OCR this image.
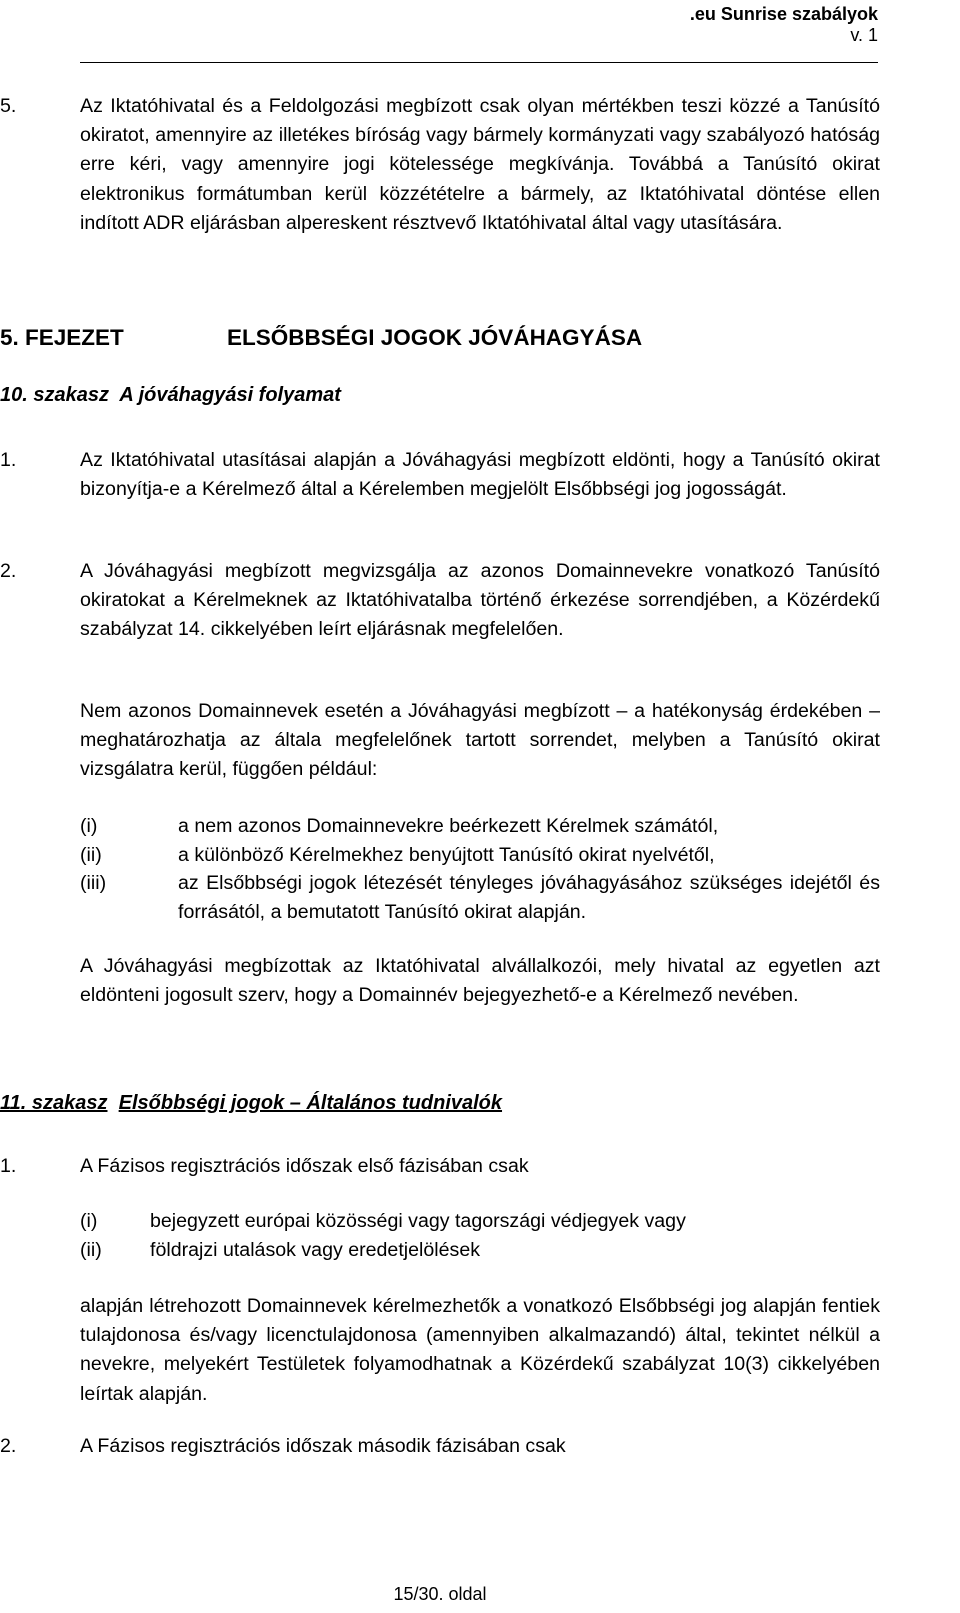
.eu Sunrise szabályok
v. 1
5.	Az Iktatóhivatal és a Feldolgozási megbízott csak olyan mértékben teszi közzé a Tanúsító okiratot, amennyire az illetékes bíróság vagy bármely kormányzati vagy szabályozó hatóság erre kéri, vagy amennyire jogi kötelessége megkívánja. Továbbá a Tanúsító okirat elektronikus formátumban kerül közzétételre a bármely, az Iktatóhivatal döntése ellen indított ADR eljárásban alpereskent résztvevő Iktatóhivatal által vagy utasítására.
5. FEJEZET	ELSŐBBSÉGI JOGOK JÓVÁHAGYÁSA
10. szakasz A jóváhagyási folyamat
1.	Az Iktatóhivatal utasításai alapján a Jóváhagyási megbízott eldönti, hogy a Tanúsító okirat bizonyítja-e a Kérelmező által a Kérelemben megjelölt Elsőbbségi jog jogosságát.
2.	A Jóváhagyási megbízott megvizsgálja az azonos Domainnevekre vonatkozó Tanúsító okiratokat a Kérelmeknek az Iktatóhivatalba történő érkezése sorrendjében, a Közérdekű szabályzat 14. cikkelyében leírt eljárásnak megfelelően.
Nem azonos Domainnevek esetén a Jóváhagyási megbízott – a hatékonyság érdekében – meghatározhatja az általa megfelelőnek tartott sorrendet, melyben a Tanúsító okirat vizsgálatra kerül, függően például:
(i)	a nem azonos Domainnevekre beérkezett Kérelmek számától,
(ii)	a különböző Kérelmekhez benyújtott Tanúsító okirat nyelvétől,
(iii)	az Elsőbbségi jogok létezését tényleges jóváhagyásához szükséges idejétől és forrásától, a bemutatott Tanúsító okirat alapján.
A Jóváhagyási megbízottak az Iktatóhivatal alvállalkozói, mely hivatal az egyetlen azt eldönteni jogosult szerv, hogy a Domainnév bejegyezhető-e a Kérelmező nevében.
11. szakasz Elsőbbségi jogok – Általános tudnivalók
1.	A Fázisos regisztrációs időszak első fázisában csak
(i)	bejegyzett európai közösségi vagy tagországi védjegyek vagy
(ii) földrajzi utalások vagy eredetjelölések
alapján létrehozott Domainnevek kérelmezhetők a vonatkozó Elsőbbségi jog alapján fentiek tulajdonosa és/vagy licenctulajdonosa (amennyiben alkalmazandó) által, tekintet nélkül a nevekre, melyekért Testületek folyamodhatnak a Közérdekű szabályzat 10(3) cikkelyében leírtak alapján.
2.	A Fázisos regisztrációs időszak második fázisában csak
15/30. oldal
